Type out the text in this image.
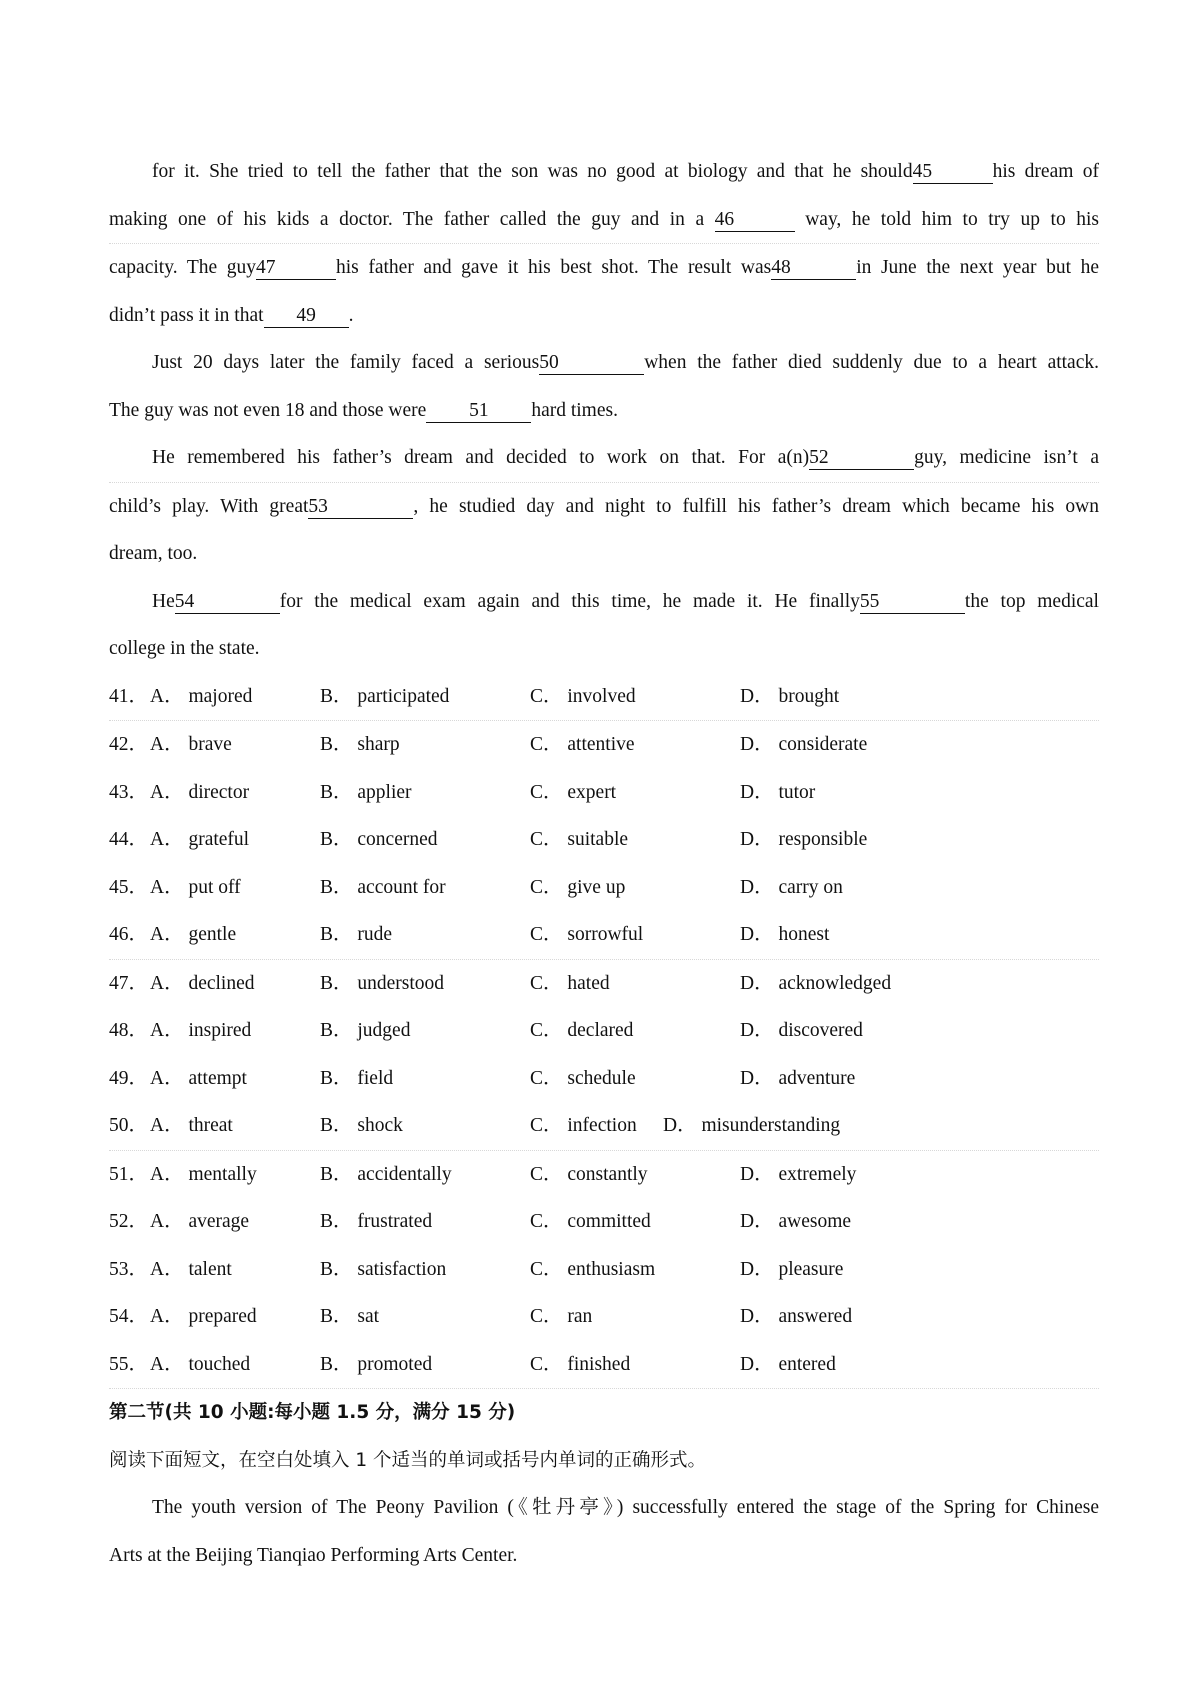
for it. She tried to tell the father that the son was no good at biology and that he should45	his dream of
making one of his kids a doctor. The father called the guy and in a 46	way, he told him to try up to his
capacity. The guy47	his father and gave it his best shot. The result was48	in June the next year but he
didn’t pass it in that 49 .
Just 20 days later the family faced a serious50	when the father died suddenly due to a heart attack.
The guy was not even 18 and those were 51 hard times.
He remembered his father’s dream and decided to work on that. For a(n)52	guy, medicine isn’t a
child’s play. With great53	, he studied day and night to fulfill his father’s dream which became his own
dream, too.
He54	for the medical exam again and this time, he made it. He finally55	the top medical
college in the state.
41． A． majored	B． participated	C． involved	D． brought
42． A． brave	B． sharp	C． attentive	D． considerate
43． A． director	B． applier	C． expert	D． tutor
44． A． grateful	B． concerned	C． suitable	D． responsible
45． A． put off	B． account for	C． give up	D． carry on
46． A． gentle	B． rude	C． sorrowful	D． honest
47． A． declined	B． understood	C． hated	D． acknowledged
48． A． inspired	B． judged	C． declared	D． discovered
49． A． attempt	B． field	C． schedule	D． adventure
50． A． threat	B． shock	C． infection D． misunderstanding
51． A． mentally	B． accidentally	C． constantly	D． extremely
52． A． average	B． frustrated	C． committed	D． awesome
53． A． talent	B． satisfaction	C． enthusiasm	D． pleasure
54． A． prepared	B． sat	C． ran	D． answered
55． A． touched	B． promoted	C． finished	D． entered
第二节(共 10 小题:每小题 1.5 分，满分 15 分)
阅读下面短文，在空白处填入 1 个适当的单词或括号内单词的正确形式。
The youth version of The Peony Pavilion (《牡丹亭》) successfully entered the stage of the Spring for Chinese
Arts at the Beijing Tianqiao Performing Arts Center.
